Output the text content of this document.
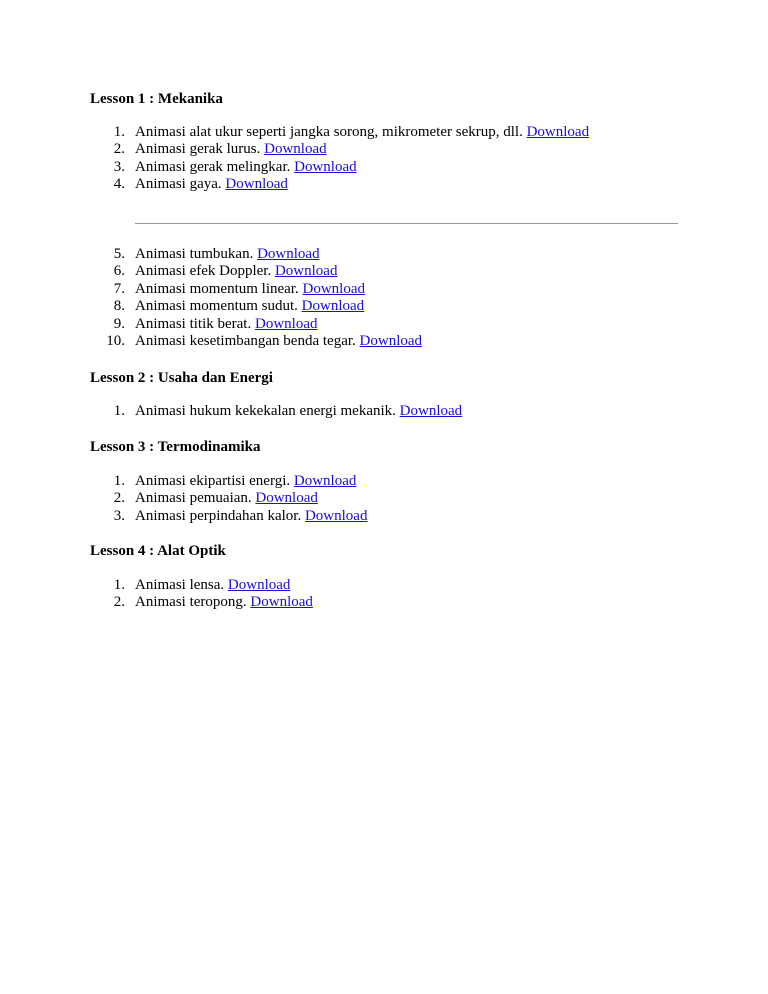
Lesson 1 : Mekanika
1. Animasi alat ukur seperti jangka sorong, mikrometer sekrup, dll. Download
2. Animasi gerak lurus. Download
3. Animasi gerak melingkar. Download
4. Animasi gaya. Download
5. Animasi tumbukan. Download
6. Animasi efek Doppler. Download
7. Animasi momentum linear. Download
8. Animasi momentum sudut. Download
9. Animasi titik berat. Download
10. Animasi kesetimbangan benda tegar. Download
Lesson 2 : Usaha dan Energi
1. Animasi hukum kekekalan energi mekanik. Download
Lesson 3 : Termodinamika
1. Animasi ekipartisi energi. Download
2. Animasi pemuaian. Download
3. Animasi perpindahan kalor. Download
Lesson 4 : Alat Optik
1. Animasi lensa. Download
2. Animasi teropong. Download
